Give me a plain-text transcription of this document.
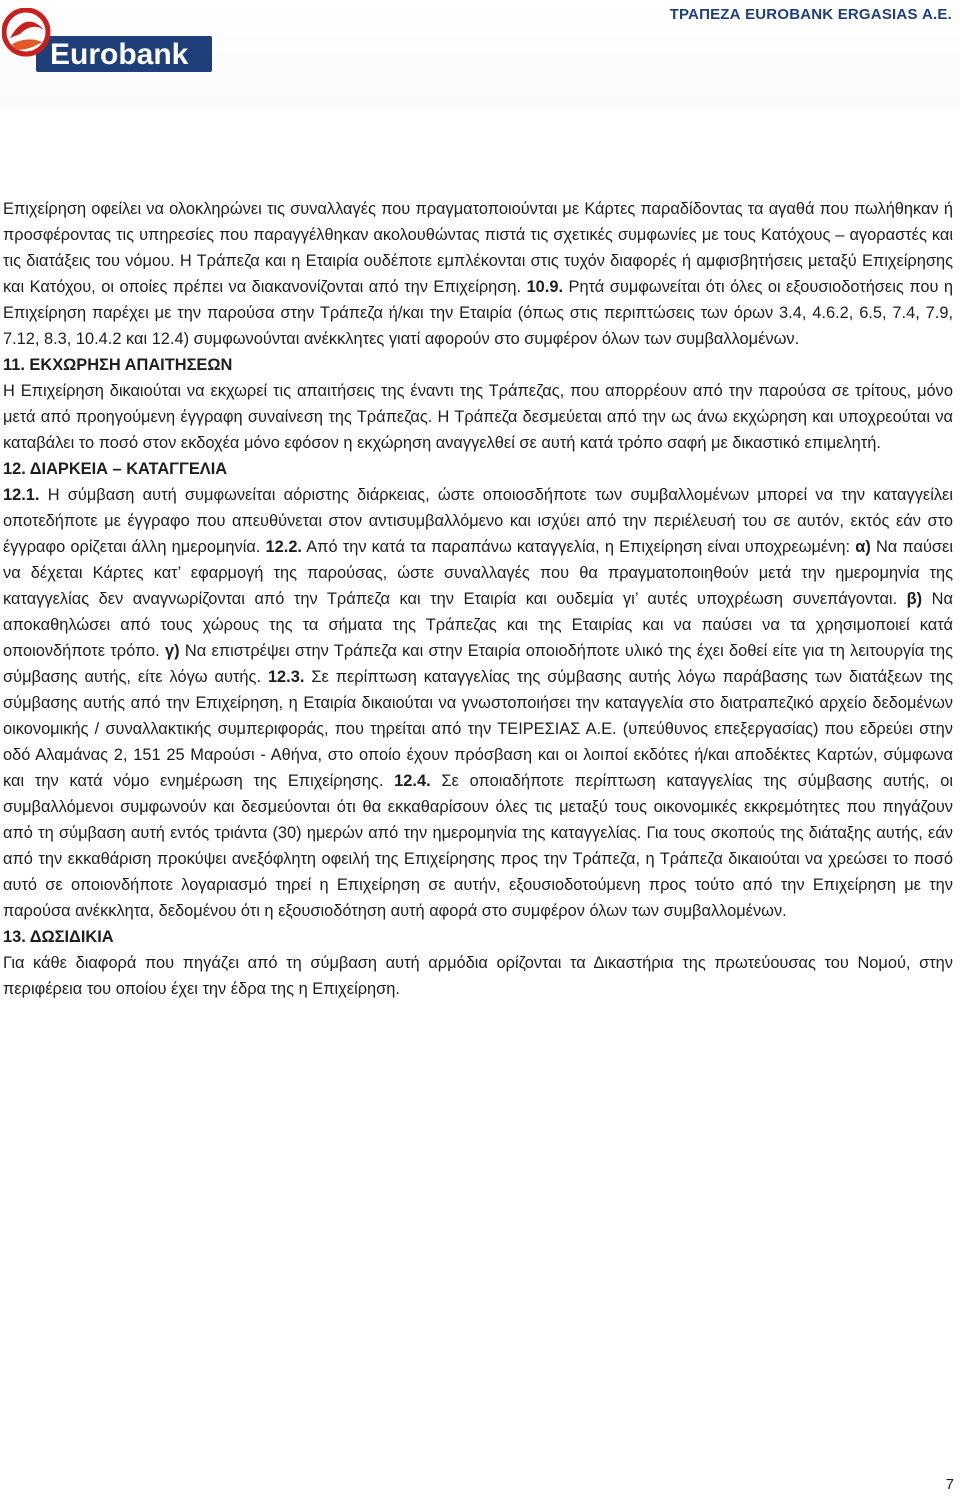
Eurobank
ΤΡΑΠΕΖΑ EUROBANK ERGASIAS Α.Ε.

Επιχείρηση οφείλει να ολοκληρώνει τις συναλλαγές που πραγματοποιούνται με Κάρτες παραδίδοντας τα αγαθά που πωλήθηκαν ή προσφέροντας τις υπηρεσίες που παραγγέλθηκαν ακολουθώντας πιστά τις σχετικές συμφωνίες με τους Κατόχους – αγοραστές και τις διατάξεις του νόμου. Η Τράπεζα και η Εταιρία ουδέποτε εμπλέκονται στις τυχόν διαφορές ή αμφισβητήσεις μεταξύ Επιχείρησης και Κατόχου, οι οποίες πρέπει να διακανονίζονται από την Επιχείρηση. 10.9. Ρητά συμφωνείται ότι όλες οι εξουσιοδοτήσεις που η Επιχείρηση παρέχει με την παρούσα στην Τράπεζα ή/και την Εταιρία (όπως στις περιπτώσεις των όρων 3.4, 4.6.2, 6.5, 7.4, 7.9, 7.12, 8.3, 10.4.2 και 12.4) συμφωνούνται ανέκκλητες γιατί αφορούν στο συμφέρον όλων των συμβαλλομένων.

11. ΕΚΧΩΡΗΣΗ ΑΠΑΙΤΗΣΕΩΝ

Η Επιχείρηση δικαιούται να εκχωρεί τις απαιτήσεις της έναντι της Τράπεζας, που απορρέουν από την παρούσα σε τρίτους, μόνο μετά από προηγούμενη έγγραφη συναίνεση της Τράπεζας. Η Τράπεζα δεσμεύεται από την ως άνω εκχώρηση και υποχρεούται να καταβάλει το ποσό στον εκδοχέα μόνο εφόσον η εκχώρηση αναγγελθεί σε αυτή κατά τρόπο σαφή με δικαστικό επιμελητή.

12. ΔΙΑΡΚΕΙΑ – ΚΑΤΑΓΓΕΛΙΑ

12.1. Η σύμβαση αυτή συμφωνείται αόριστης διάρκειας, ώστε οποιοσδήποτε των συμβαλλομένων μπορεί να την καταγγείλει οποτεδήποτε με έγγραφο που απευθύνεται στον αντισυμβαλλόμενο και ισχύει από την περιέλευσή του σε αυτόν, εκτός εάν στο έγγραφο ορίζεται άλλη ημερομηνία. 12.2. Από την κατά τα παραπάνω καταγγελία, η Επιχείρηση είναι υποχρεωμένη: α) Να παύσει να δέχεται Κάρτες κατ’ εφαρμογή της παρούσας, ώστε συναλλαγές που θα πραγματοποιηθούν μετά την ημερομηνία της καταγγελίας δεν αναγνωρίζονται από την Τράπεζα και την Εταιρία και ουδεμία γι’ αυτές υποχρέωση συνεπάγονται. β) Να αποκαθηλώσει από τους χώρους της τα σήματα της Τράπεζας και της Εταιρίας και να παύσει να τα χρησιμοποιεί κατά οποιονδήποτε τρόπο. γ) Να επιστρέψει στην Τράπεζα και στην Εταιρία οποιοδήποτε υλικό της έχει δοθεί είτε για τη λειτουργία της σύμβασης αυτής, είτε λόγω αυτής. 12.3. Σε περίπτωση καταγγελίας της σύμβασης αυτής λόγω παράβασης των διατάξεων της σύμβασης αυτής από την Επιχείρηση, η Εταιρία δικαιούται να γνωστοποιήσει την καταγγελία στο διατραπεζικό αρχείο δεδομένων οικονομικής / συναλλακτικής συμπεριφοράς, που τηρείται από την ΤΕΙΡΕΣΙΑΣ Α.Ε. (υπεύθυνος επεξεργασίας) που εδρεύει στην οδό Αλαμάνας 2, 151 25 Μαρούσι - Αθήνα, στο οποίο έχουν πρόσβαση και οι λοιποί εκδότες ή/και αποδέκτες Καρτών, σύμφωνα και την κατά νόμο ενημέρωση της Επιχείρησης. 12.4. Σε οποιαδήποτε περίπτωση καταγγελίας της σύμβασης αυτής, οι συμβαλλόμενοι συμφωνούν και δεσμεύονται ότι θα εκκαθαρίσουν όλες τις μεταξύ τους οικονομικές εκκρεμότητες που πηγάζουν από τη σύμβαση αυτή εντός τριάντα (30) ημερών από την ημερομηνία της καταγγελίας. Για τους σκοπούς της διάταξης αυτής, εάν από την εκκαθάριση προκύψει ανεξόφλητη οφειλή της Επιχείρησης προς την Τράπεζα, η Τράπεζα δικαιούται να χρεώσει το ποσό αυτό σε οποιονδήποτε λογαριασμό τηρεί η Επιχείρηση σε αυτήν, εξουσιοδοτούμενη προς τούτο από την Επιχείρηση με την παρούσα ανέκκλητα, δεδομένου ότι η εξουσιοδότηση αυτή αφορά στο συμφέρον όλων των συμβαλλομένων.

13. ΔΩΣΙΔΙΚΙΑ

Για κάθε διαφορά που πηγάζει από τη σύμβαση αυτή αρμόδια ορίζονται τα Δικαστήρια της πρωτεύουσας του Νομού, στην περιφέρεια του οποίου έχει την έδρα της η Επιχείρηση.

7
